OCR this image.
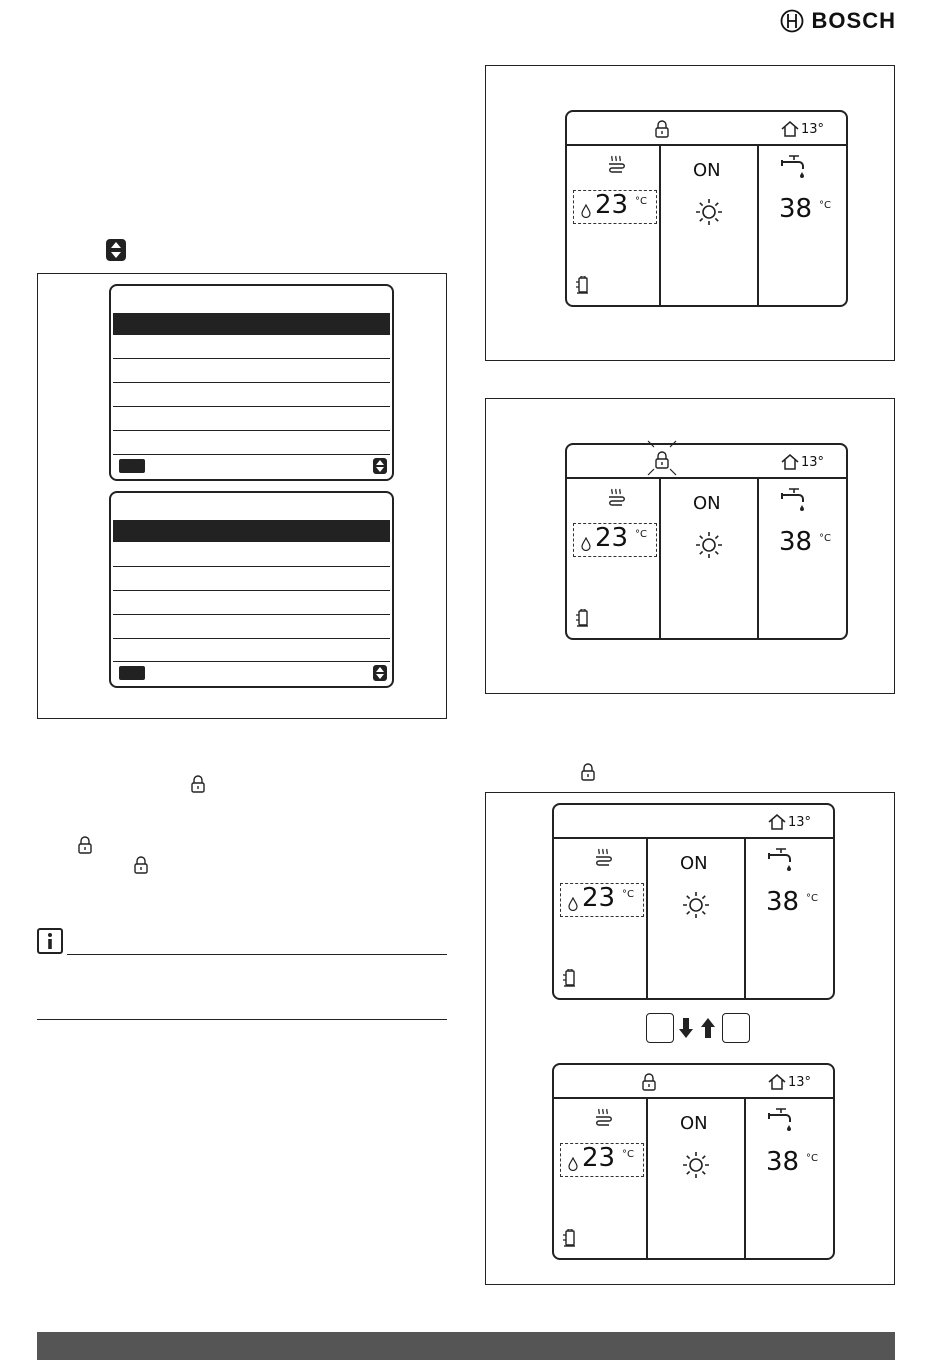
BOSCH
13°
23 °C
ON
38 °C
13°
23 °C
ON
38 °C
13°
23 °C
ON
38 °C
13°
23 °C
ON
38 °C
